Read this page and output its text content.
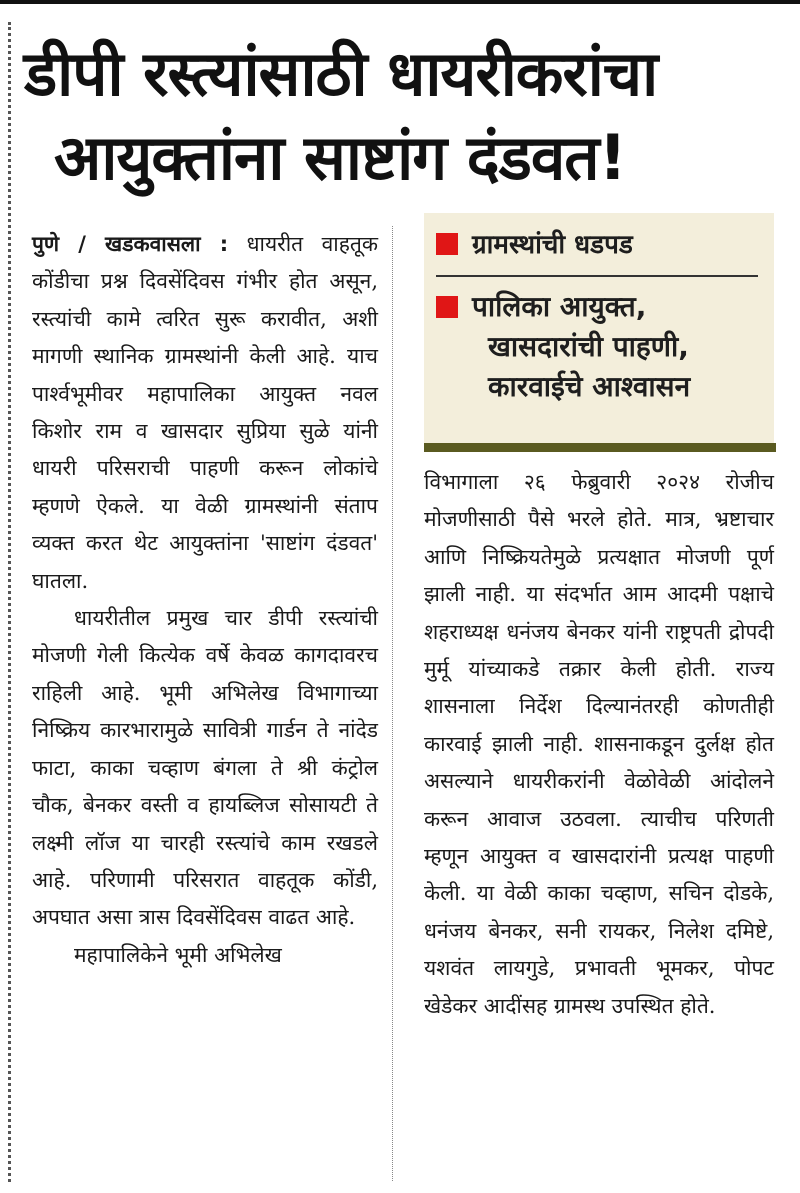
डीपी रस्त्यांसाठी धायरीकरांचा
आयुक्तांना साष्टांग दंडवत!

पुणे / खडकवासला : धायरीत वाहतूक कोंडीचा प्रश्न दिवसेंदिवस गंभीर होत असून, रस्त्यांची कामे त्वरित सुरू करावीत, अशी मागणी स्थानिक ग्रामस्थांनी केली आहे. याच पार्श्वभूमीवर महापालिका आयुक्त नवल किशोर राम व खासदार सुप्रिया सुळे यांनी धायरी परिसराची पाहणी करून लोकांचे म्हणणे ऐकले. या वेळी ग्रामस्थांनी संताप व्यक्त करत थेट आयुक्तांना 'साष्टांग दंडवत' घातला.

धायरीतील प्रमुख चार डीपी रस्त्यांची मोजणी गेली कित्येक वर्षे केवळ कागदावरच राहिली आहे. भूमी अभिलेख विभागाच्या निष्क्रिय कारभारामुळे सावित्री गार्डन ते नांदेड फाटा, काका चव्हाण बंगला ते श्री कंट्रोल चौक, बेनकर वस्ती व हायब्लिज सोसायटी ते लक्ष्मी लॉज या चारही रस्त्यांचे काम रखडले आहे. परिणामी परिसरात वाहतूक कोंडी, अपघात असा त्रास दिवसेंदिवस वाढत आहे.

महापालिकेने भूमी अभिलेख

ग्रामस्थांची धडपड
पालिका आयुक्त,
खासदारांची पाहणी,
कारवाईचे आश्वासन

विभागाला २६ फेब्रुवारी २०२४ रोजीच मोजणीसाठी पैसे भरले होते. मात्र, भ्रष्टाचार आणि निष्क्रियतेमुळे प्रत्यक्षात मोजणी पूर्ण झाली नाही. या संदर्भात आम आदमी पक्षाचे शहराध्यक्ष धनंजय बेनकर यांनी राष्ट्रपती द्रोपदी मुर्मू यांच्याकडे तक्रार केली होती. राज्य शासनाला निर्देश दिल्यानंतरही कोणतीही कारवाई झाली नाही. शासनाकडून दुर्लक्ष होत असल्याने धायरीकरांनी वेळोवेळी आंदोलने करून आवाज उठवला. त्याचीच परिणती म्हणून आयुक्त व खासदारांनी प्रत्यक्ष पाहणी केली. या वेळी काका चव्हाण, सचिन दोडके, धनंजय बेनकर, सनी रायकर, निलेश दमिष्टे, यशवंत लायगुडे, प्रभावती भूमकर, पोपट खेडेकर आदींसह ग्रामस्थ उपस्थित होते.
